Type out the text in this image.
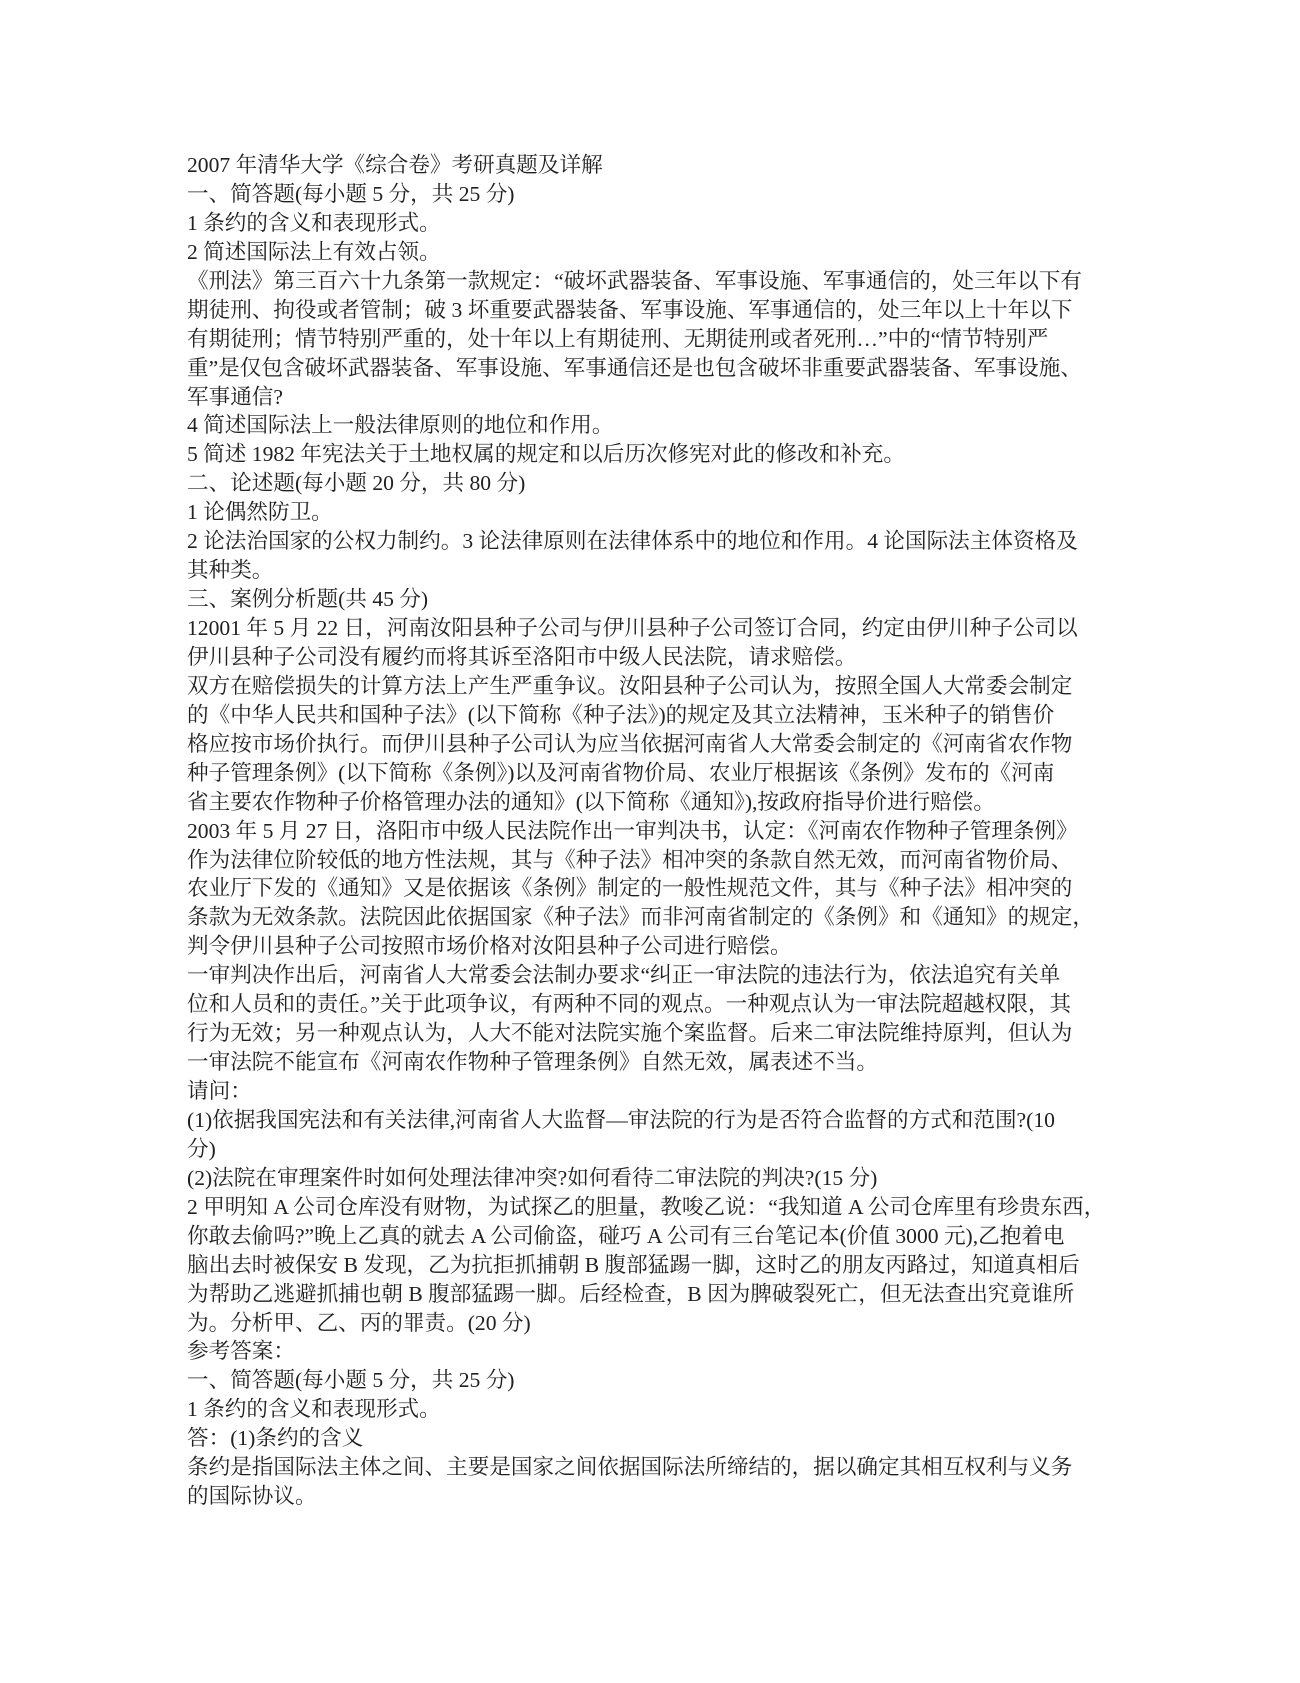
2007 年清华大学《综合卷》考研真题及详解
一、简答题(每小题 5 分，共 25 分)
1 条约的含义和表现形式。
2 简述国际法上有效占领。
《刑法》第三百六十九条第一款规定：“破坏武器装备、军事设施、军事通信的，处三年以下有
期徒刑、拘役或者管制；破 3 坏重要武器装备、军事设施、军事通信的，处三年以上十年以下
有期徒刑；情节特别严重的，处十年以上有期徒刑、无期徒刑或者死刑…”中的“情节特别严
重”是仅包含破坏武器装备、军事设施、军事通信还是也包含破坏非重要武器装备、军事设施、
军事通信?
4 简述国际法上一般法律原则的地位和作用。
5 简述 1982 年宪法关于土地权属的规定和以后历次修宪对此的修改和补充。
二、论述题(每小题 20 分，共 80 分)
1 论偶然防卫。
2 论法治国家的公权力制约。3 论法律原则在法律体系中的地位和作用。4 论国际法主体资格及
其种类。
三、案例分析题(共 45 分)
12001 年 5 月 22 日，河南汝阳县种子公司与伊川县种子公司签订合同，约定由伊川种子公司以
伊川县种子公司没有履约而将其诉至洛阳市中级人民法院，请求赔偿。
双方在赔偿损失的计算方法上产生严重争议。汝阳县种子公司认为，按照全国人大常委会制定
的《中华人民共和国种子法》(以下简称《种子法》)的规定及其立法精神，玉米种子的销售价
格应按市场价执行。而伊川县种子公司认为应当依据河南省人大常委会制定的《河南省农作物
种子管理条例》(以下简称《条例》)以及河南省物价局、农业厅根据该《条例》发布的《河南
省主要农作物种子价格管理办法的通知》(以下简称《通知》),按政府指导价进行赔偿。
2003 年 5 月 27 日，洛阳市中级人民法院作出一审判决书，认定：《河南农作物种子管理条例》
作为法律位阶较低的地方性法规，其与《种子法》相冲突的条款自然无效，而河南省物价局、
农业厅下发的《通知》又是依据该《条例》制定的一般性规范文件，其与《种子法》相冲突的
条款为无效条款。法院因此依据国家《种子法》而非河南省制定的《条例》和《通知》的规定，
判令伊川县种子公司按照市场价格对汝阳县种子公司进行赔偿。
一审判决作出后，河南省人大常委会法制办要求“纠正一审法院的违法行为，依法追究有关单
位和人员和的责任。”关于此项争议，有两种不同的观点。一种观点认为一审法院超越权限，其
行为无效；另一种观点认为，人大不能对法院实施个案监督。后来二审法院维持原判，但认为
一审法院不能宣布《河南农作物种子管理条例》自然无效，属表述不当。
请问：
(1)依据我国宪法和有关法律,河南省人大监督—审法院的行为是否符合监督的方式和范围?(10
分)
(2)法院在审理案件时如何处理法律冲突?如何看待二审法院的判决?(15 分)
2 甲明知 A 公司仓库没有财物，为试探乙的胆量，教唆乙说：“我知道 A 公司仓库里有珍贵东西，
你敢去偷吗?”晚上乙真的就去 A 公司偷盗，碰巧 A 公司有三台笔记本(价值 3000 元),乙抱着电
脑出去时被保安 B 发现，乙为抗拒抓捕朝 B 腹部猛踢一脚，这时乙的朋友丙路过，知道真相后
为帮助乙逃避抓捕也朝 B 腹部猛踢一脚。后经检查，B 因为脾破裂死亡，但无法查出究竟谁所
为。分析甲、乙、丙的罪责。(20 分)
参考答案：
一、简答题(每小题 5 分，共 25 分)
1 条约的含义和表现形式。
答：(1)条约的含义
条约是指国际法主体之间、主要是国家之间依据国际法所缔结的，据以确定其相互权利与义务
的国际协议。
